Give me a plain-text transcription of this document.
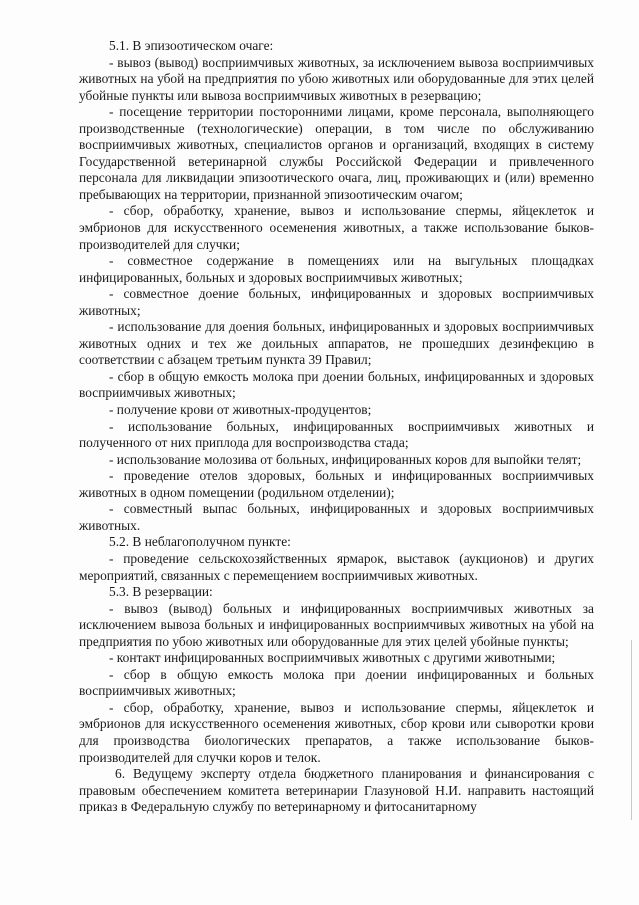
5.1. В эпизоотическом очаге:

- вывоз (вывод) восприимчивых животных, за исключением вывоза восприимчивых животных на убой на предприятия по убою животных или оборудованные для этих целей убойные пункты или вывоза восприимчивых животных в резервацию;

- посещение территории посторонними лицами, кроме персонала, выполняющего производственные (технологические) операции, в том числе по обслуживанию восприимчивых животных, специалистов органов и организаций, входящих в систему Государственной ветеринарной службы Российской Федерации и привлеченного персонала для ликвидации эпизоотического очага, лиц, проживающих и (или) временно пребывающих на территории, признанной эпизоотическим очагом;

- сбор, обработку, хранение, вывоз и использование спермы, яйцеклеток и эмбрионов для искусственного осеменения животных, а также использование быков-производителей для случки;

- совместное содержание в помещениях или на выгульных площадках инфицированных, больных и здоровых восприимчивых животных;

- совместное доение больных, инфицированных и здоровых восприимчивых животных;

- использование для доения больных, инфицированных и здоровых восприимчивых животных одних и тех же доильных аппаратов, не прошедших дезинфекцию в соответствии с абзацем третьим пункта 39 Правил;

- сбор в общую емкость молока при доении больных, инфицированных и здоровых восприимчивых животных;

- получение крови от животных-продуцентов;

- использование больных, инфицированных восприимчивых животных и полученного от них приплода для воспроизводства стада;

- использование молозива от больных, инфицированных коров для выпойки телят;

- проведение отелов здоровых, больных и инфицированных восприимчивых животных в одном помещении (родильном отделении);

- совместный выпас больных, инфицированных и здоровых восприимчивых животных.

5.2. В неблагополучном пункте:

- проведение сельскохозяйственных ярмарок, выставок (аукционов) и других мероприятий, связанных с перемещением восприимчивых животных.

5.3. В резервации:

- вывоз (вывод) больных и инфицированных восприимчивых животных за исключением вывоза больных и инфицированных восприимчивых животных на убой на предприятия по убою животных или оборудованные для этих целей убойные пункты;

- контакт инфицированных восприимчивых животных с другими животными;

- сбор в общую емкость молока при доении инфицированных и больных восприимчивых животных;

- сбор, обработку, хранение, вывоз и использование спермы, яйцеклеток и эмбрионов для искусственного осеменения животных, сбор крови или сыворотки крови для производства биологических препаратов, а также использование быков-производителей для случки коров и телок.

6. Ведущему эксперту отдела бюджетного планирования и финансирования с правовым обеспечением комитета ветеринарии Глазуновой Н.И. направить настоящий приказ в Федеральную службу по ветеринарному и фитосанитарному
